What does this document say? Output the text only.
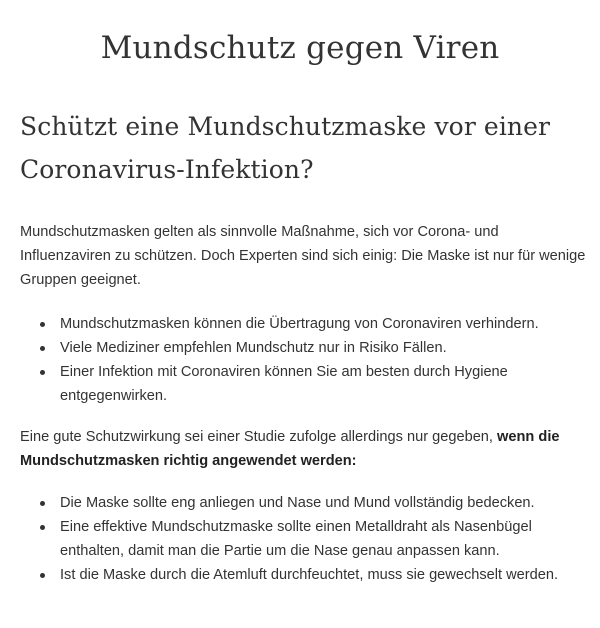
Mundschutz gegen Viren
Schützt eine Mundschutzmaske vor einer Coronavirus-Infektion?

Mundschutzmasken gelten als sinnvolle Maßnahme, sich vor Corona- und Influenzaviren zu schützen. Doch Experten sind sich einig: Die Maske ist nur für wenige Gruppen geeignet.

Mundschutzmasken können die Übertragung von Coronaviren verhindern.
Viele Mediziner empfehlen Mundschutz nur in Risiko Fällen.
Einer Infektion mit Coronaviren können Sie am besten durch Hygiene entgegenwirken.

Eine gute Schutzwirkung sei einer Studie zufolge allerdings nur gegeben, wenn die Mundschutzmasken richtig angewendet werden:

Die Maske sollte eng anliegen und Nase und Mund vollständig bedecken.
Eine effektive Mundschutzmaske sollte einen Metalldraht als Nasenbügel enthalten, damit man die Partie um die Nase genau anpassen kann.
Ist die Maske durch die Atemluft durchfeuchtet, muss sie gewechselt werden.
